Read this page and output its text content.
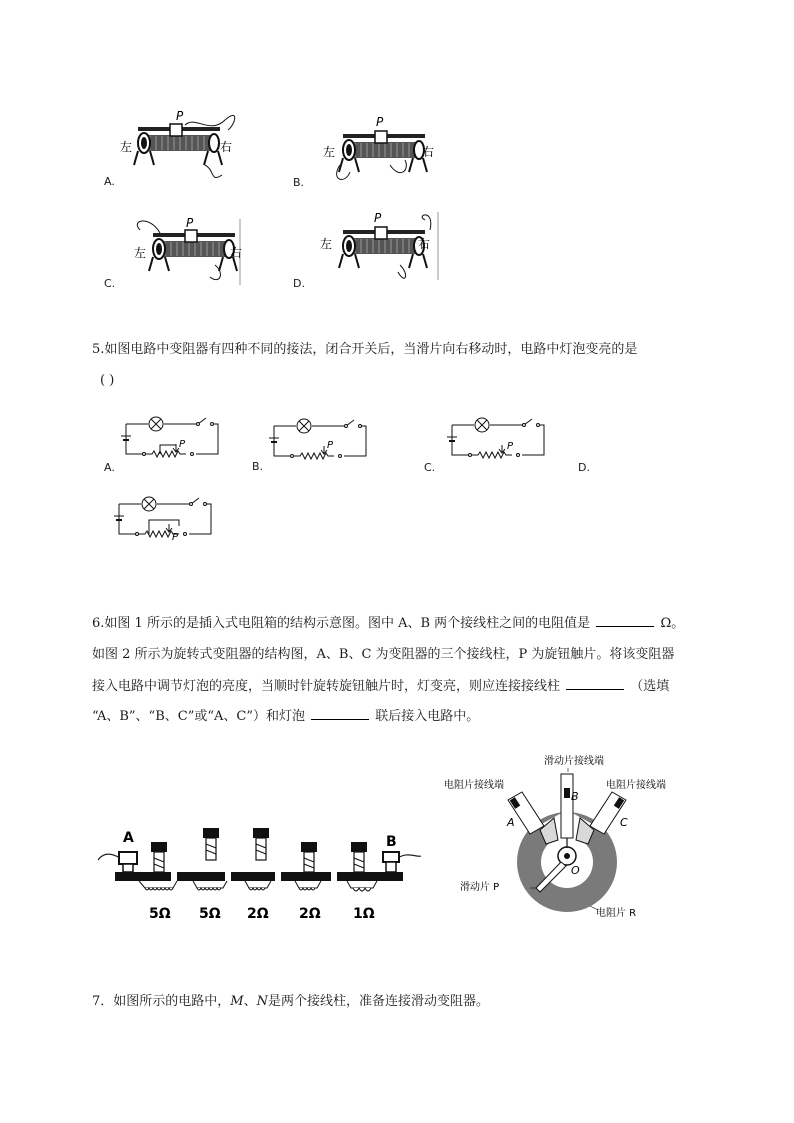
P
左	右
A.
P
左	右
B.
P
左	右
C.
P
左	右
D.
5.如图电路中变阻器有四种不同的接法，闭合开关后，当滑片向右移动时，电路中灯泡变亮的是
( )
P
A.
P
B.
P
C.	D.
P
6.如图 1 所示的是插入式电阻箱的结构示意图。图中 A、B 两个接线柱之间的电阻值是	Ω。
如图 2 所示为旋转式变阻器的结构图，A、B、C 为变阻器的三个接线柱，P 为旋钮触片。将该变阻器
接入电路中调节灯泡的亮度，当顺时针旋转旋钮触片时，灯变亮，则应连接接线柱	（选填
“A、B”、“B、C”或“A、C”）和灯泡	联后接入电路中。
A	B
5Ω 5Ω 2Ω 2Ω 1Ω
滑动片接线端
电阻片接线端	电阻片接线端
A
B
C
O
滑动片 P
电阻片 R
7．如图所示的电路中，M、N是两个接线柱，准备连接滑动变阻器。
